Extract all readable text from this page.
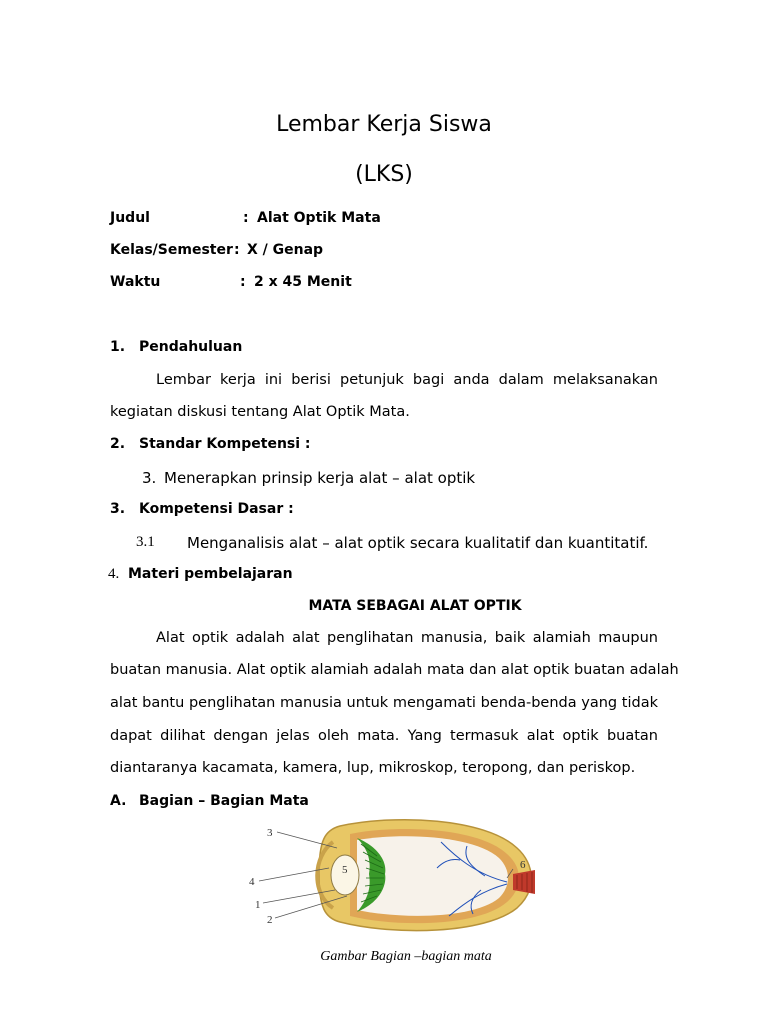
Lembar Kerja Siswa
(LKS)
Judul	: Alat Optik Mata
Kelas/Semester : X / Genap
Waktu	: 2 x 45 Menit
1. Pendahuluan
Lembar kerja ini berisi petunjuk bagi anda dalam melaksanakan
kegiatan diskusi tentang Alat Optik Mata.
2. Standar Kompetensi :
3. Menerapkan prinsip kerja alat – alat optik
3. Kompetensi Dasar :
3.1 Menganalisis alat – alat optik secara kualitatif dan kuantitatif.
4. Materi pembelajaran
MATA SEBAGAI ALAT OPTIK
Alat optik adalah alat penglihatan manusia, baik alamiah maupun
buatan manusia. Alat optik alamiah adalah mata dan alat optik buatan adalah
alat bantu penglihatan manusia untuk mengamati benda-benda yang tidak
dapat dilihat dengan jelas oleh mata. Yang termasuk alat optik buatan
diantaranya kacamata, kamera, lup, mikroskop, teropong, dan periskop.
A. Bagian – Bagian Mata
3
4
1
2
5	6
Gambar Bagian –bagian mata
